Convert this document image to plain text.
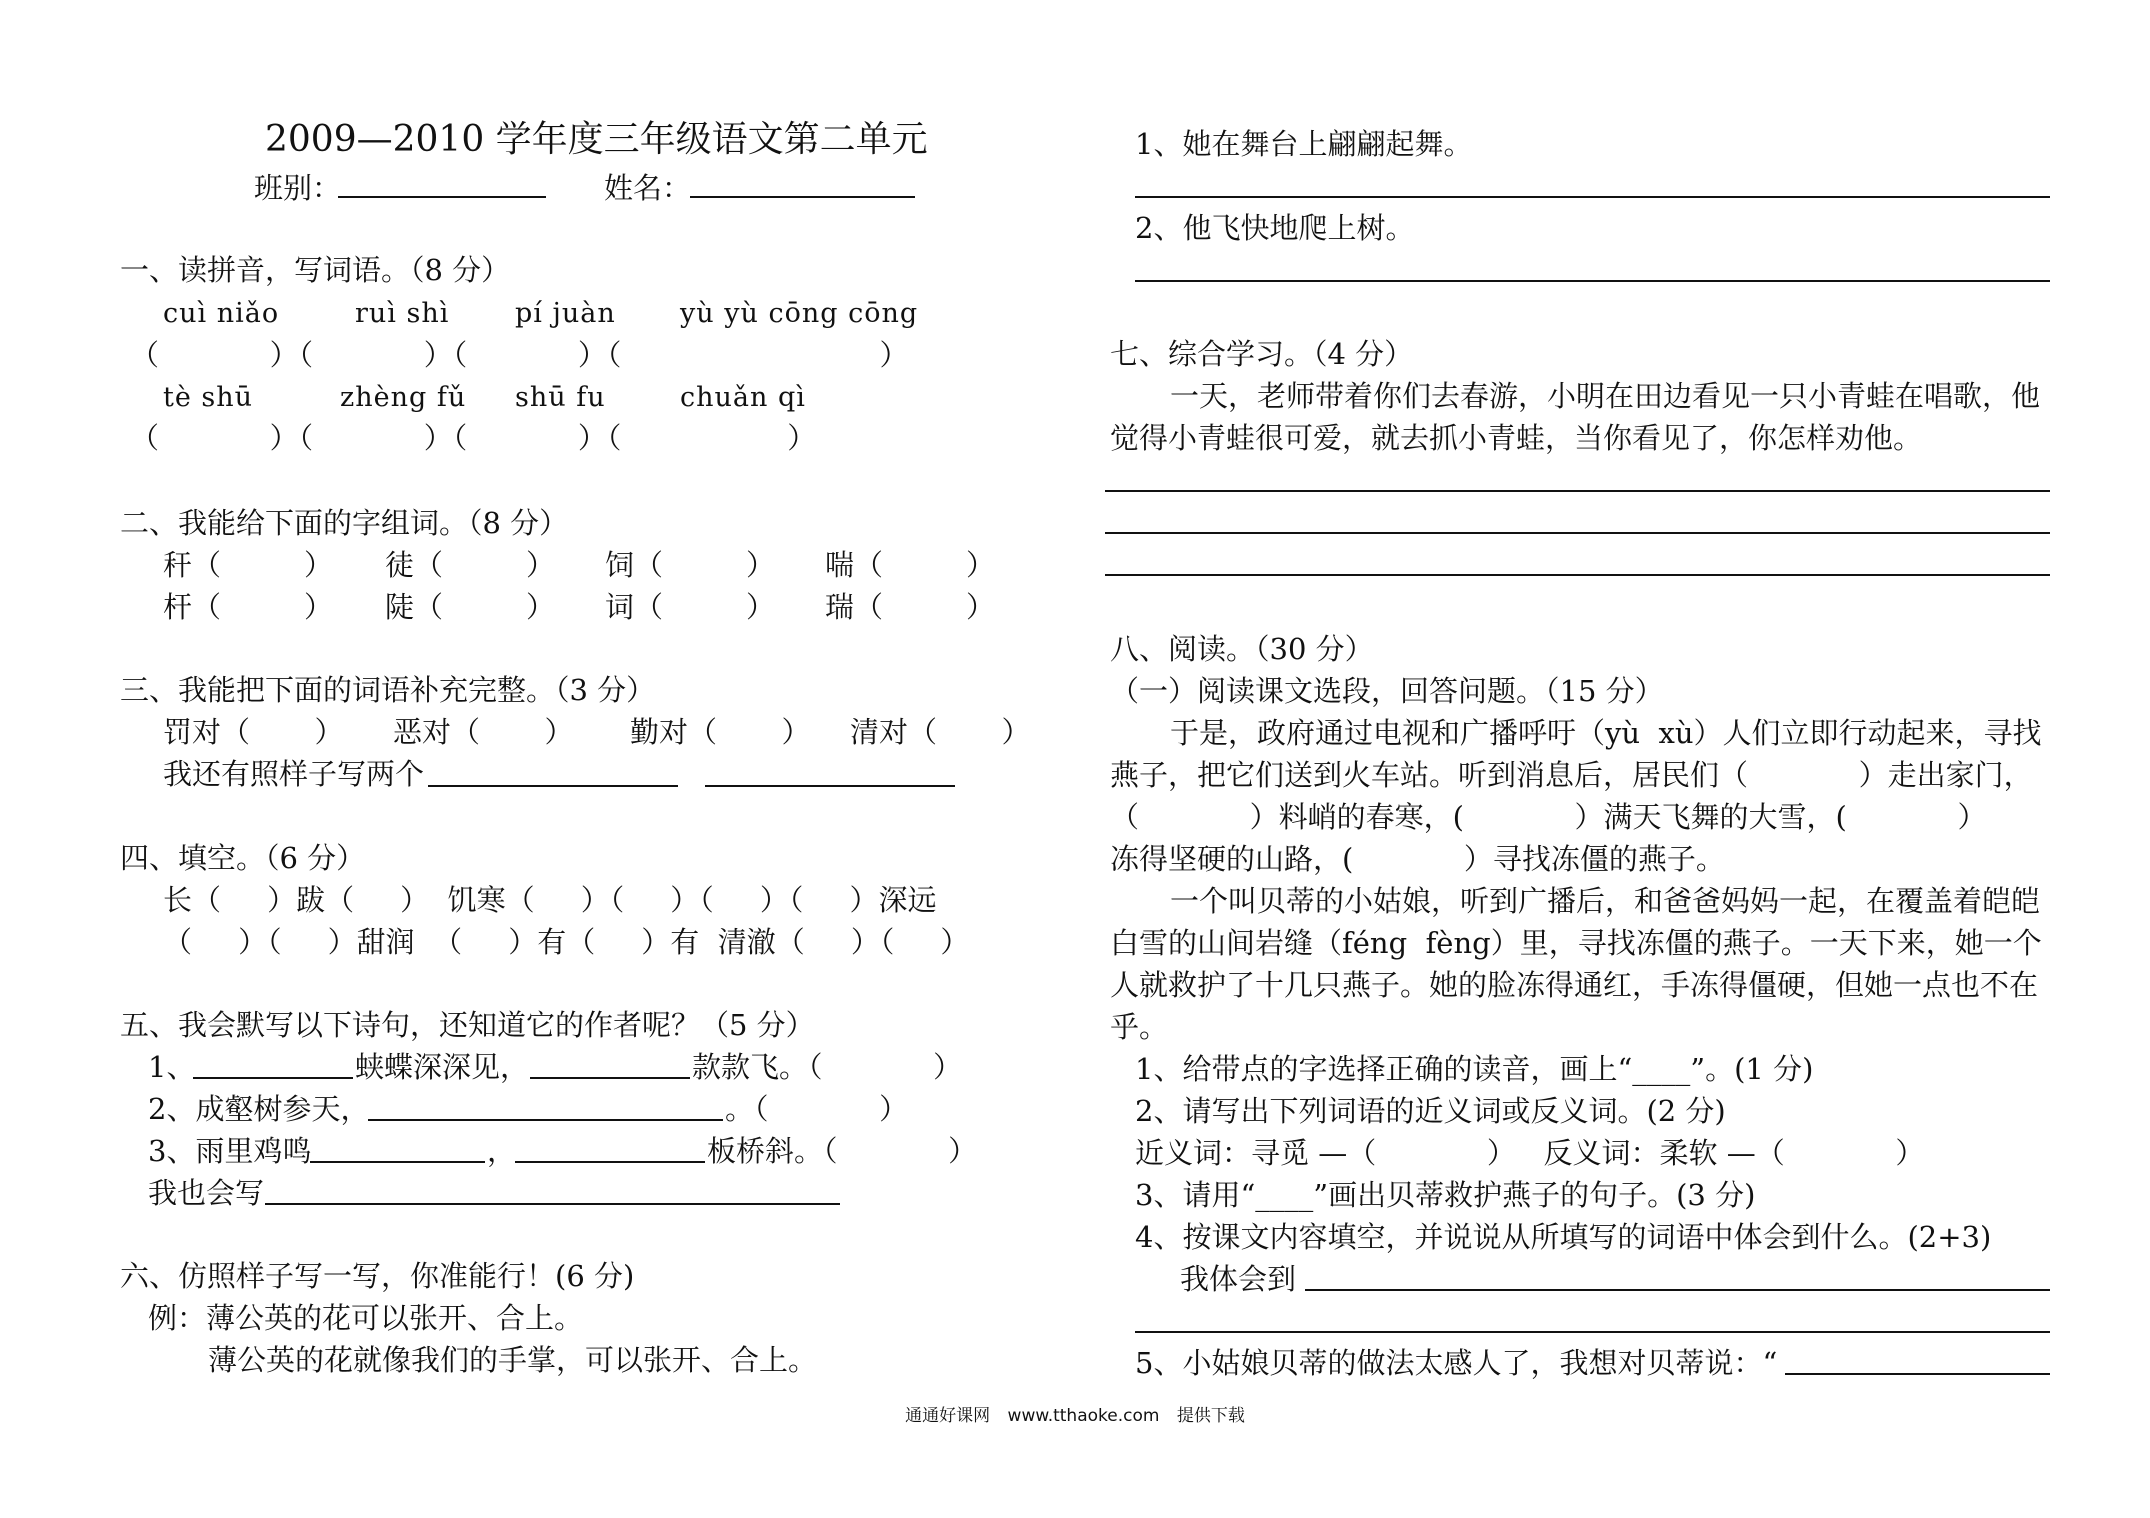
2009—2010 学年度三年级语文第二单元
班别：	姓名：
一、读拼音，写词语。（8 分）
cuì niǎo	ruì shì pí juàn yù yù cōng cōng
（            ）（            ）（            ）（                            ）
tè shū	zhèng fǔ shū fu	chuǎn qì
（            ）（            ）（            ）（                  ）
二、我能给下面的字组词。（8 分）
秆（         ） 徒（         ） 饲（         ） 喘（         ）
杆（         ） 陡（         ） 词（         ） 瑞（         ）
三、我能把下面的词语补充完整。（3 分）
罚对（       ） 恶对（       ） 勤对（       ） 清对（       ）
我还有照样子写两个
四、填空。（6 分）
长（     ）跋（     ）  饥寒（     ）（     ）（     ）（     ）深远
（     ）（     ）甜润  （     ）有（     ）有  清澈（     ）（     ）
五、我会默写以下诗句，还知道它的作者呢？（5 分）
1、	蛱蝶深深见，	款款飞。（            ）
2、成壑树参天，	。（            ）
3、雨里鸡鸣	，	板桥斜。（            ）
我也会写
六、仿照样子写一写，你准能行！(6 分)
例：薄公英的花可以张开、合上。
薄公英的花就像我们的手掌，可以张开、合上。
1、她在舞台上翩翩起舞。
2、他飞快地爬上树。
七、综合学习。（4 分）
一天，老师带着你们去春游，小明在田边看见一只小青蛙在唱歌，他
觉得小青蛙很可爱，就去抓小青蛙，当你看见了，你怎样劝他。
八、阅读。（30 分）
（一）阅读课文选段，回答问题。（15 分）
于是，政府通过电视和广播呼吁（yù  xù）人们立即行动起来，寻找
燕子，把它们送到火车站。听到消息后，居民们（            ）走出家门，
（            ）料峭的春寒，(            ）满天飞舞的大雪，(            ）
冻得坚硬的山路，(            ）寻找冻僵的燕子。
一个叫贝蒂的小姑娘，听到广播后，和爸爸妈妈一起，在覆盖着皑皑
白雪的山间岩缝（féng  fèng）里，寻找冻僵的燕子。一天下来，她一个
人就救护了十几只燕子。她的脸冻得通红，手冻得僵硬，但她一点也不在
乎。
1、给带点的字选择正确的读音，画上“____”。(1 分)
2、请写出下列词语的近义词或反义词。(2 分)
近义词：寻觅 —（            ）   反义词：柔软 —（            ）
3、请用“____”画出贝蒂救护燕子的句子。(3 分)
4、按课文内容填空，并说说从所填写的词语中体会到什么。(2+3)
我体会到
5、小姑娘贝蒂的做法太感人了，我想对贝蒂说：“
通通好课网 www.tthaoke.com 提供下载
